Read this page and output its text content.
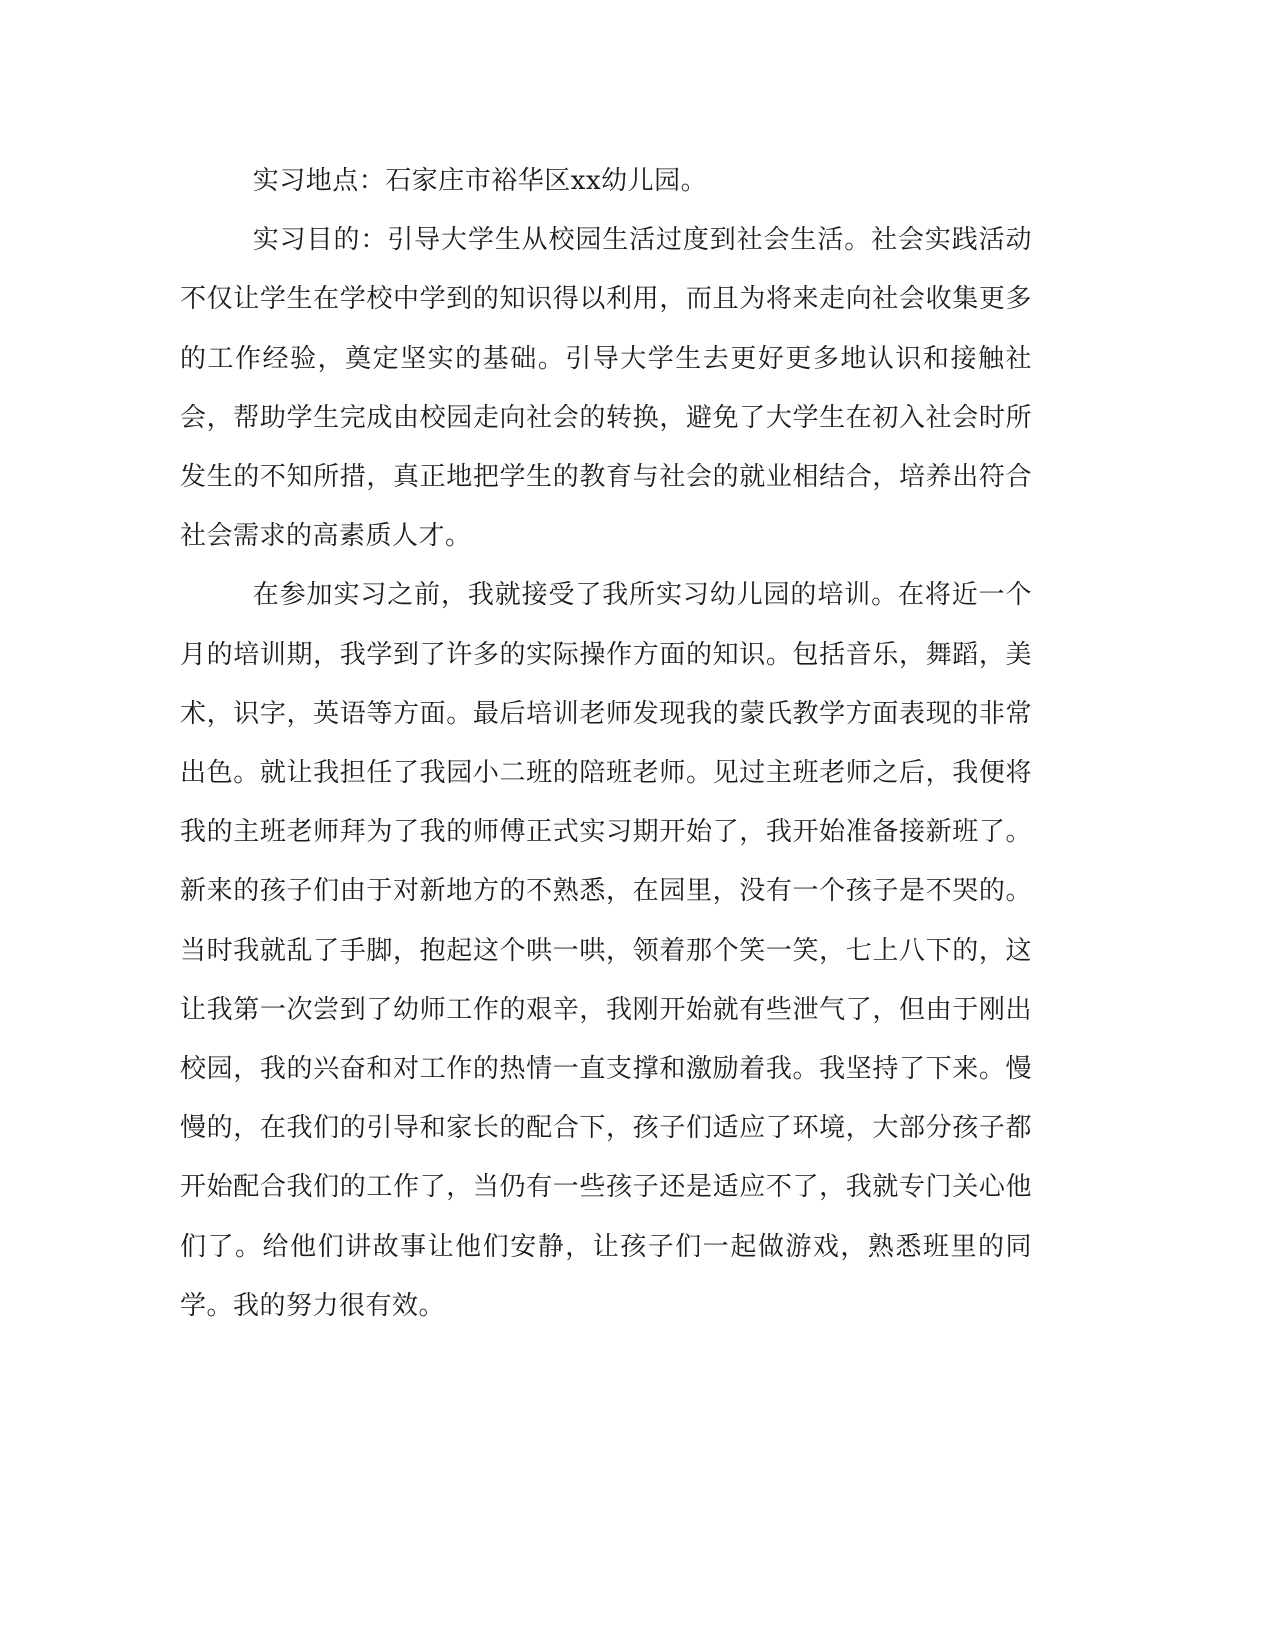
实习地点：石家庄市裕华区xx幼儿园。

实习目的：引导大学生从校园生活过度到社会生活。社会实践活动不仅让学生在学校中学到的知识得以利用，而且为将来走向社会收集更多的工作经验，奠定坚实的基础。引导大学生去更好更多地认识和接触社会，帮助学生完成由校园走向社会的转换，避免了大学生在初入社会时所发生的不知所措，真正地把学生的教育与社会的就业相结合，培养出符合社会需求的高素质人才。

在参加实习之前，我就接受了我所实习幼儿园的培训。在将近一个月的培训期，我学到了许多的实际操作方面的知识。包括音乐，舞蹈，美术，识字，英语等方面。最后培训老师发现我的蒙氏教学方面表现的非常出色。就让我担任了我园小二班的陪班老师。见过主班老师之后，我便将我的主班老师拜为了我的师傅正式实习期开始了，我开始准备接新班了。新来的孩子们由于对新地方的不熟悉，在园里，没有一个孩子是不哭的。当时我就乱了手脚，抱起这个哄一哄，领着那个笑一笑，七上八下的，这让我第一次尝到了幼师工作的艰辛，我刚开始就有些泄气了，但由于刚出校园，我的兴奋和对工作的热情一直支撑和激励着我。我坚持了下来。慢慢的，在我们的引导和家长的配合下，孩子们适应了环境，大部分孩子都开始配合我们的工作了，当仍有一些孩子还是适应不了，我就专门关心他们了。给他们讲故事让他们安静，让孩子们一起做游戏，熟悉班里的同学。我的努力很有效。
